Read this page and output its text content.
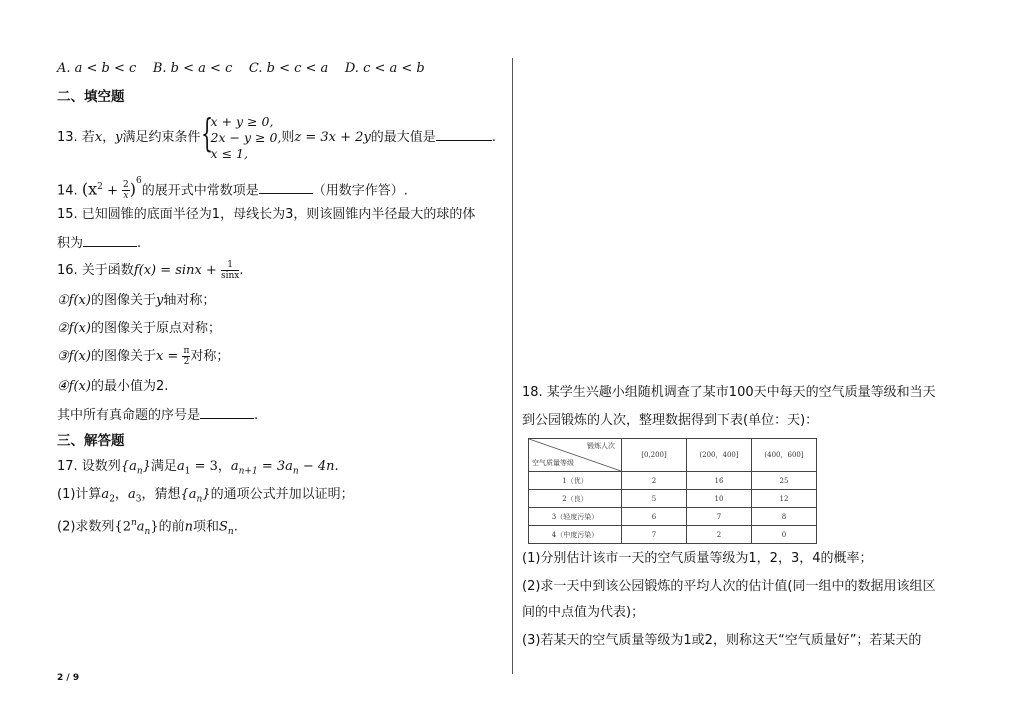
A. a < b < c B. b < a < c C. b < c < a D. c < a < b
二、填空题
13. 若x，y满足约束条件 {
x + y ≥ 0,
2x − y ≥ 0,
x ≤ 1,
则z = 3x + 2y的最大值是	.
14. $(x^2 + \frac{2}{x} )^6$的展开式中常数项是	（用数字作答）.
15. 已知圆锥的底面半径为1，母线长为3，则该圆锥内半径最大的球的体
积为	.
16. 关于函数$f(x) = \sin x + \frac{1}{\sin x}$ .
①f(x)的图像关于y轴对称；
②f(x)的图像关于原点对称；
③f(x)的图像关于$x = \frac{\pi}{2}$ 对称；
④f(x)的最小值为2.
其中所有真命题的序号是	.
三、解答题
17. 设数列$\{a_n\}$满足$a_1 = 3$，$a_{n+1} = 3a_n - 4n$.
(1)计算$a_2$，$a_3$，猜想$\{a_n\}$的通项公式并加以证明；
(2)求数列$\{2^na_n\}$的前n项和$S_n$.
18. 某学生兴趣小组随机调查了某市100天中每天的空气质量等级和当天
到公园锻炼的人次，整理数据得到下表(单位：天)：
(1)分别估计该市一天的空气质量等级为1，2，3，4的概率；
(2)求一天中到该公园锻炼的平均人次的估计值(同一组中的数据用该组区
间的中点值为代表)；
(3)若某天的空气质量等级为1或2，则称这天“空气质量好”；若某天的
锻炼人次
空气质量等级	[0,200]	(200，400]	(400，600]
1（优）	2	16	25
2（良）	5	10	12
3（轻度污染）	6	7	8
4（中度污染）	7	2	0
2 / 9
